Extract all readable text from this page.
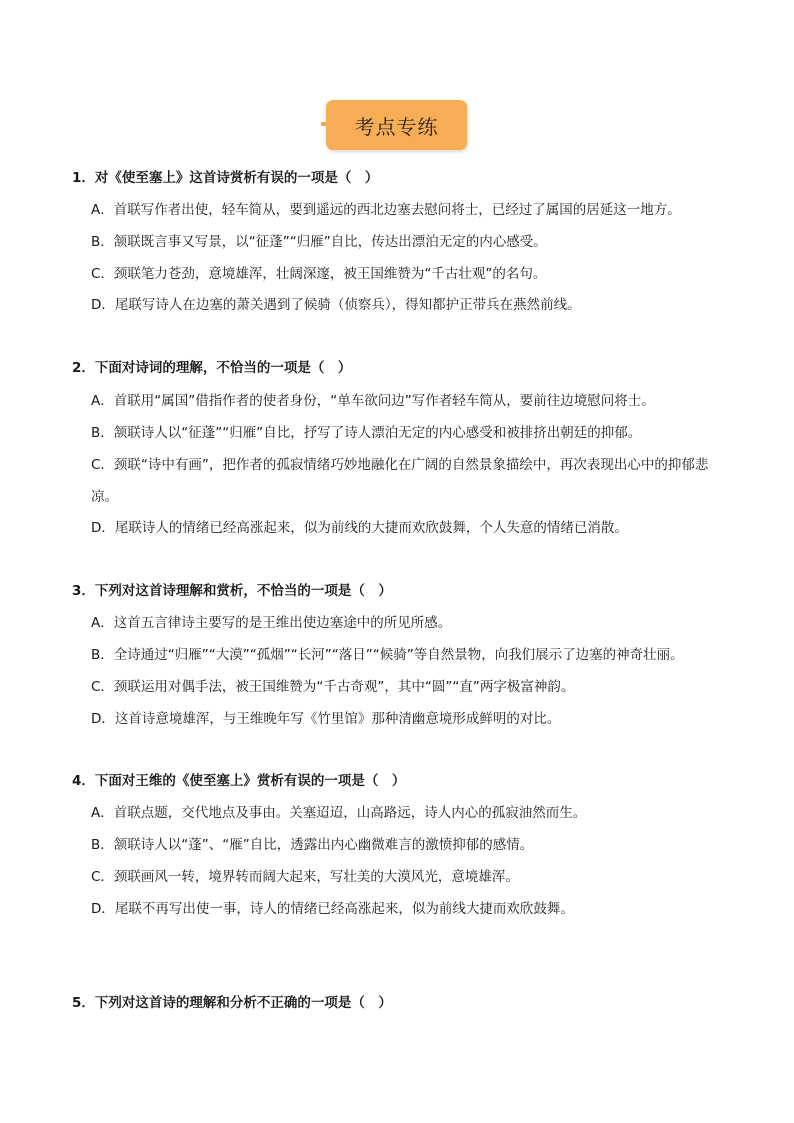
考点专练
1．对《使至塞上》这首诗赏析有误的一项是（　）
A．首联写作者出使，轻车简从，要到遥远的西北边塞去慰问将士，已经过了属国的居延这一地方。
B．颔联既言事又写景，以“征蓬”“归雁”自比，传达出漂泊无定的内心感受。
C．颈联笔力苍劲，意境雄浑，壮阔深邃，被王国维赞为“千古壮观”的名句。
D．尾联写诗人在边塞的萧关遇到了候骑（侦察兵），得知都护正带兵在燕然前线。
2．下面对诗词的理解，不恰当的一项是（　）
A．首联用“属国”借指作者的使者身份，“单车欲问边”写作者轻车简从，要前往边境慰问将士。
B．颔联诗人以“征蓬”“归雁”自比，抒写了诗人漂泊无定的内心感受和被排挤出朝廷的抑郁。
C．颈联“诗中有画”，把作者的孤寂情绪巧妙地融化在广阔的自然景象描绘中，再次表现出心中的抑郁悲
凉。
D．尾联诗人的情绪已经高涨起来，似为前线的大捷而欢欣鼓舞，个人失意的情绪已消散。
3．下列对这首诗理解和赏析，不恰当的一项是（　）
A．这首五言律诗主要写的是王维出使边塞途中的所见所感。
B．全诗通过“归雁”“大漠”“孤烟”“长河”“落日”“候骑”等自然景物，向我们展示了边塞的神奇壮丽。
C．颈联运用对偶手法，被王国维赞为“千古奇观”，其中“圆”“直”两字极富神韵。
D．这首诗意境雄浑，与王维晚年写《竹里馆》那种清幽意境形成鲜明的对比。
4．下面对王维的《使至塞上》赏析有误的一项是（　）
A．首联点题，交代地点及事由。关塞迢迢，山高路远，诗人内心的孤寂油然而生。
B．颔联诗人以“蓬”、“雁”自比，透露出内心幽微难言的激愤抑郁的感情。
C．颈联画风一转，境界转而阔大起来，写壮美的大漠风光，意境雄浑。
D．尾联不再写出使一事，诗人的情绪已经高涨起来，似为前线大捷而欢欣鼓舞。
5．下列对这首诗的理解和分析不正确的一项是（　）
